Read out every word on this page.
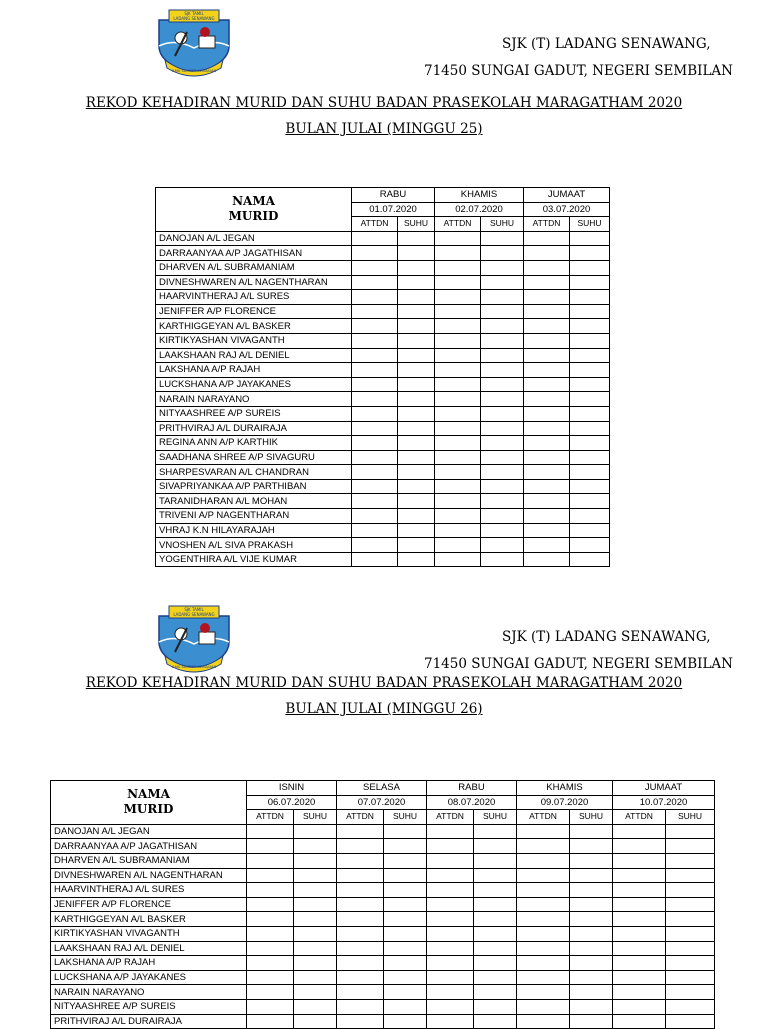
SJK TAMIL
LADANG SENAWANG
ILMU SUMBER KEMAJUAN
SJK (T) LADANG SENAWANG,
71450 SUNGAI GADUT, NEGERI SEMBILAN
REKOD KEHADIRAN MURID DAN SUHU BADAN PRASEKOLAH MARAGATHAM 2020
BULAN JULAI (MINGGU 25)
NAMA
MURID	RABU		KHAMIS		JUMAAT	
	01.07.2020		02.07.2020		03.07.2020	
	ATTDN	SUHU	ATTDN	SUHU	ATTDN	SUHU
DANOJAN A/L JEGAN						
DARRAANYAA A/P JAGATHISAN						
DHARVEN A/L SUBRAMANIAM						
DIVNESHWAREN A/L NAGENTHARAN						
HAARVINTHERAJ A/L SURES						
JENIFFER A/P FLORENCE						
KARTHIGGEYAN A/L BASKER						
KIRTIKYASHAN VIVAGANTH						
LAAKSHAAN RAJ A/L DENIEL						
LAKSHANA A/P RAJAH						
LUCKSHANA A/P JAYAKANES						
NARAIN NARAYANO						
NITYAASHREE A/P SUREIS						
PRITHVIRAJ A/L DURAIRAJA						
REGINA ANN A/P KARTHIK						
SAADHANA SHREE A/P SIVAGURU						
SHARPESVARAN A/L CHANDRAN						
SIVAPRIYANKAA A/P PARTHIBAN						
TARANIDHARAN A/L MOHAN						
TRIVENI A/P NAGENTHARAN						
VHRAJ K.N HILAYARAJAH						
VNOSHEN A/L SIVA PRAKASH						
YOGENTHIRA A/L VIJE KUMAR						
SJK TAMIL
LADANG SENAWANG
ILMU SUMBER KEMAJUAN
SJK (T) LADANG SENAWANG,
71450 SUNGAI GADUT, NEGERI SEMBILAN
REKOD KEHADIRAN MURID DAN SUHU BADAN PRASEKOLAH MARAGATHAM 2020
BULAN JULAI (MINGGU 26)
NAMA
MURID	ISNIN		SELASA		RABU		KHAMIS		JUMAAT	
	06.07.2020		07.07.2020		08.07.2020		09.07.2020		10.07.2020	
	ATTDN	SUHU	ATTDN	SUHU	ATTDN	SUHU	ATTDN	SUHU	ATTDN	SUHU
DANOJAN A/L JEGAN										
DARRAANYAA A/P JAGATHISAN										
DHARVEN A/L SUBRAMANIAM										
DIVNESHWAREN A/L NAGENTHARAN										
HAARVINTHERAJ A/L SURES										
JENIFFER A/P FLORENCE										
KARTHIGGEYAN A/L BASKER										
KIRTIKYASHAN VIVAGANTH										
LAAKSHAAN RAJ A/L DENIEL										
LAKSHANA A/P RAJAH										
LUCKSHANA A/P JAYAKANES										
NARAIN NARAYANO										
NITYAASHREE A/P SUREIS										
PRITHVIRAJ A/L DURAIRAJA										
